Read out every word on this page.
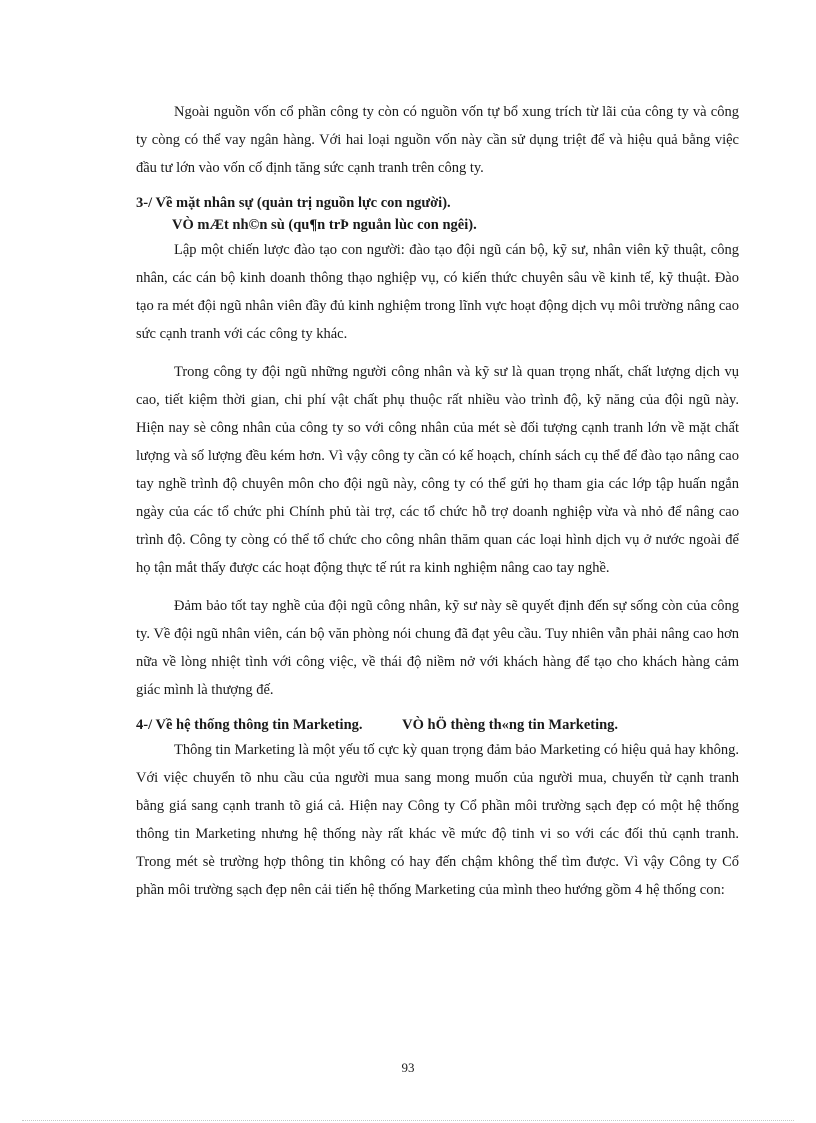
Ngoài nguồn vốn cổ phần công ty còn có nguồn vốn tự bổ xung trích từ lãi của công ty và công ty còng có thể vay ngân hàng. Với hai loại nguồn vốn này cần sử dụng triệt để và hiệu quả bằng việc đầu tư lớn vào vốn cố định tăng sức cạnh tranh trên công ty.

3-/ Về mặt nhân sự (quản trị nguồn lực con người). VÒ mÆt nh©n sù (qu¶n trÞ nguån lùc con ngêi).

Lập một chiến lược đào tạo con người: đào tạo đội ngũ cán bộ, kỹ sư, nhân viên kỹ thuật, công nhân, các cán bộ kinh doanh thông thạo nghiệp vụ, có kiến thức chuyên sâu về kinh tế, kỹ thuật. Đào tạo ra mét đội ngũ nhân viên đầy đủ kinh nghiệm trong lĩnh vực hoạt động dịch vụ môi trường nâng cao sức cạnh tranh với các công ty khác.

Trong công ty đội ngũ những người công nhân và kỹ sư là quan trọng nhất, chất lượng dịch vụ cao, tiết kiệm thời gian, chi phí vật chất phụ thuộc rất nhiều vào trình độ, kỹ năng của đội ngũ này. Hiện nay sè công nhân của công ty so với công nhân của mét sè đối tượng cạnh tranh lớn về mặt chất lượng và số lượng đều kém hơn. Vì vậy công ty cần có kế hoạch, chính sách cụ thể để đào tạo nâng cao tay nghề trình độ chuyên môn cho đội ngũ này, công ty có thể gửi họ tham gia các lớp tập huấn ngắn ngày của các tổ chức phi Chính phủ tài trợ, các tổ chức hỗ trợ doanh nghiệp vừa và nhỏ để nâng cao trình độ. Công ty còng có thể tổ chức cho công nhân thăm quan các loại hình dịch vụ ở nước ngoài để họ tận mắt thấy được các hoạt động thực tế rút ra kinh nghiệm nâng cao tay nghề.

Đảm bảo tốt tay nghề của đội ngũ công nhân, kỹ sư này sẽ quyết định đến sự sống còn của công ty. Về đội ngũ nhân viên, cán bộ văn phòng nói chung đã đạt yêu cầu. Tuy nhiên vẫn phải nâng cao hơn nữa về lòng nhiệt tình với công việc, về thái độ niềm nở với khách hàng để tạo cho khách hàng cảm giác mình là thượng đế.

4-/ Về hệ thống thông tin Marketing.	VÒ hÖ thèng th«ng tin Marketing.

Thông tin Marketing là một yếu tố cực kỳ quan trọng đảm bảo Marketing có hiệu quả hay không. Với việc chuyển tõ nhu cầu của người mua sang mong muốn của người mua, chuyển từ cạnh tranh bằng giá sang cạnh tranh tõ giá cả. Hiện nay Công ty Cổ phần môi trường sạch đẹp có một hệ thống thông tin Marketing nhưng hệ thống này rất khác về mức độ tinh vi so với các đối thủ cạnh tranh. Trong mét sè trường hợp thông tin không có hay đến chậm không thể tìm được. Vì vậy Công ty Cổ phần môi trường sạch đẹp nên cải tiến hệ thống Marketing của mình theo hướng gồm 4 hệ thống con:

93
